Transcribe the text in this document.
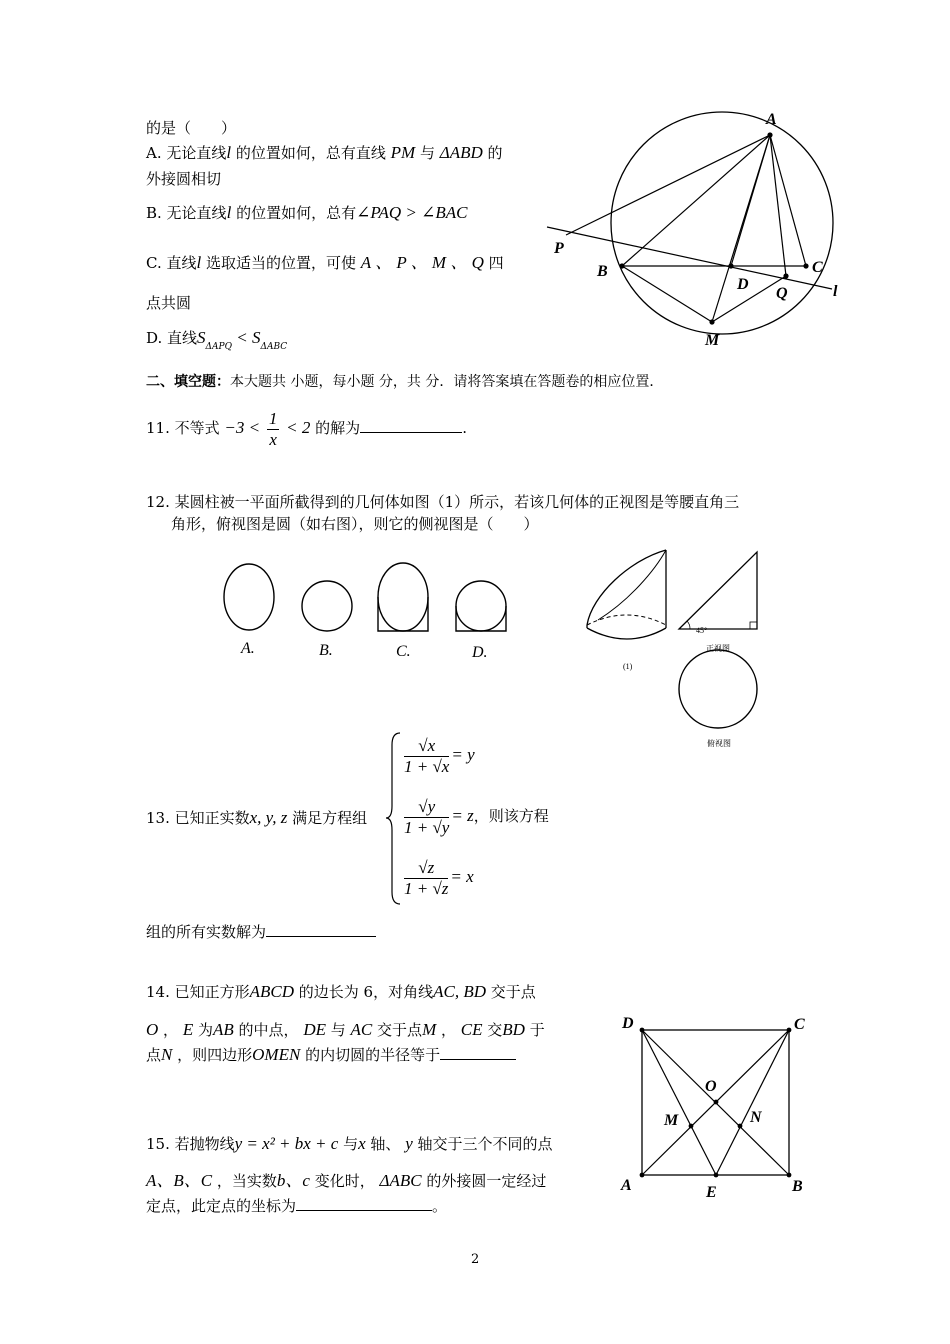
的是（　　）
A. 无论直线l 的位置如何，总有直线 PM 与 ΔABD 的
外接圆相切
B. 无论直线l 的位置如何，总有∠PAQ > ∠BAC
C. 直线l 选取适当的位置，可使 A 、 P 、 M 、 Q 四
点共圆
D. 直线$S_{\Delta APQ} < S_{\Delta ABC}$
A
B	C
D
P
Q
M
l
二、填空题：本大题共 小题，每小题 分，共 分．请将答案填在答题卷的相应位置．
11. 不等式 $-3 < \frac{1}{x} < 2$ 的解为	.
12. 某圆柱被一平面所截得到的几何体如图（1）所示，若该几何体的正视图是等腰直角三
角形，俯视图是圆（如右图），则它的侧视图是（　　）
A.	B.	C.	D.
(1)
45°
正视图
俯视图
13. 已知正实数x, y, z 满足方程组
$\frac{√x}{1 + √x} = y$
$\frac{√y}{1 + √y} = z$，则该方程
$\frac{√z}{1 + √z} = x$
组的所有实数解为
14. 已知正方形ABCD 的边长为 6，对角线AC, BD 交于点
O ， E 为AB 的中点， DE 与 AC 交于点M ， CE 交BD 于
点N ，则四边形OMEN 的内切圆的半径等于
D	C
A	B
E
O
M	N
15. 若抛物线y = x² + bx + c 与x 轴、 y 轴交于三个不同的点
A、B、C ，当实数b、c 变化时， ΔABC 的外接圆一定经过
定点，此定点的坐标为	。
2
